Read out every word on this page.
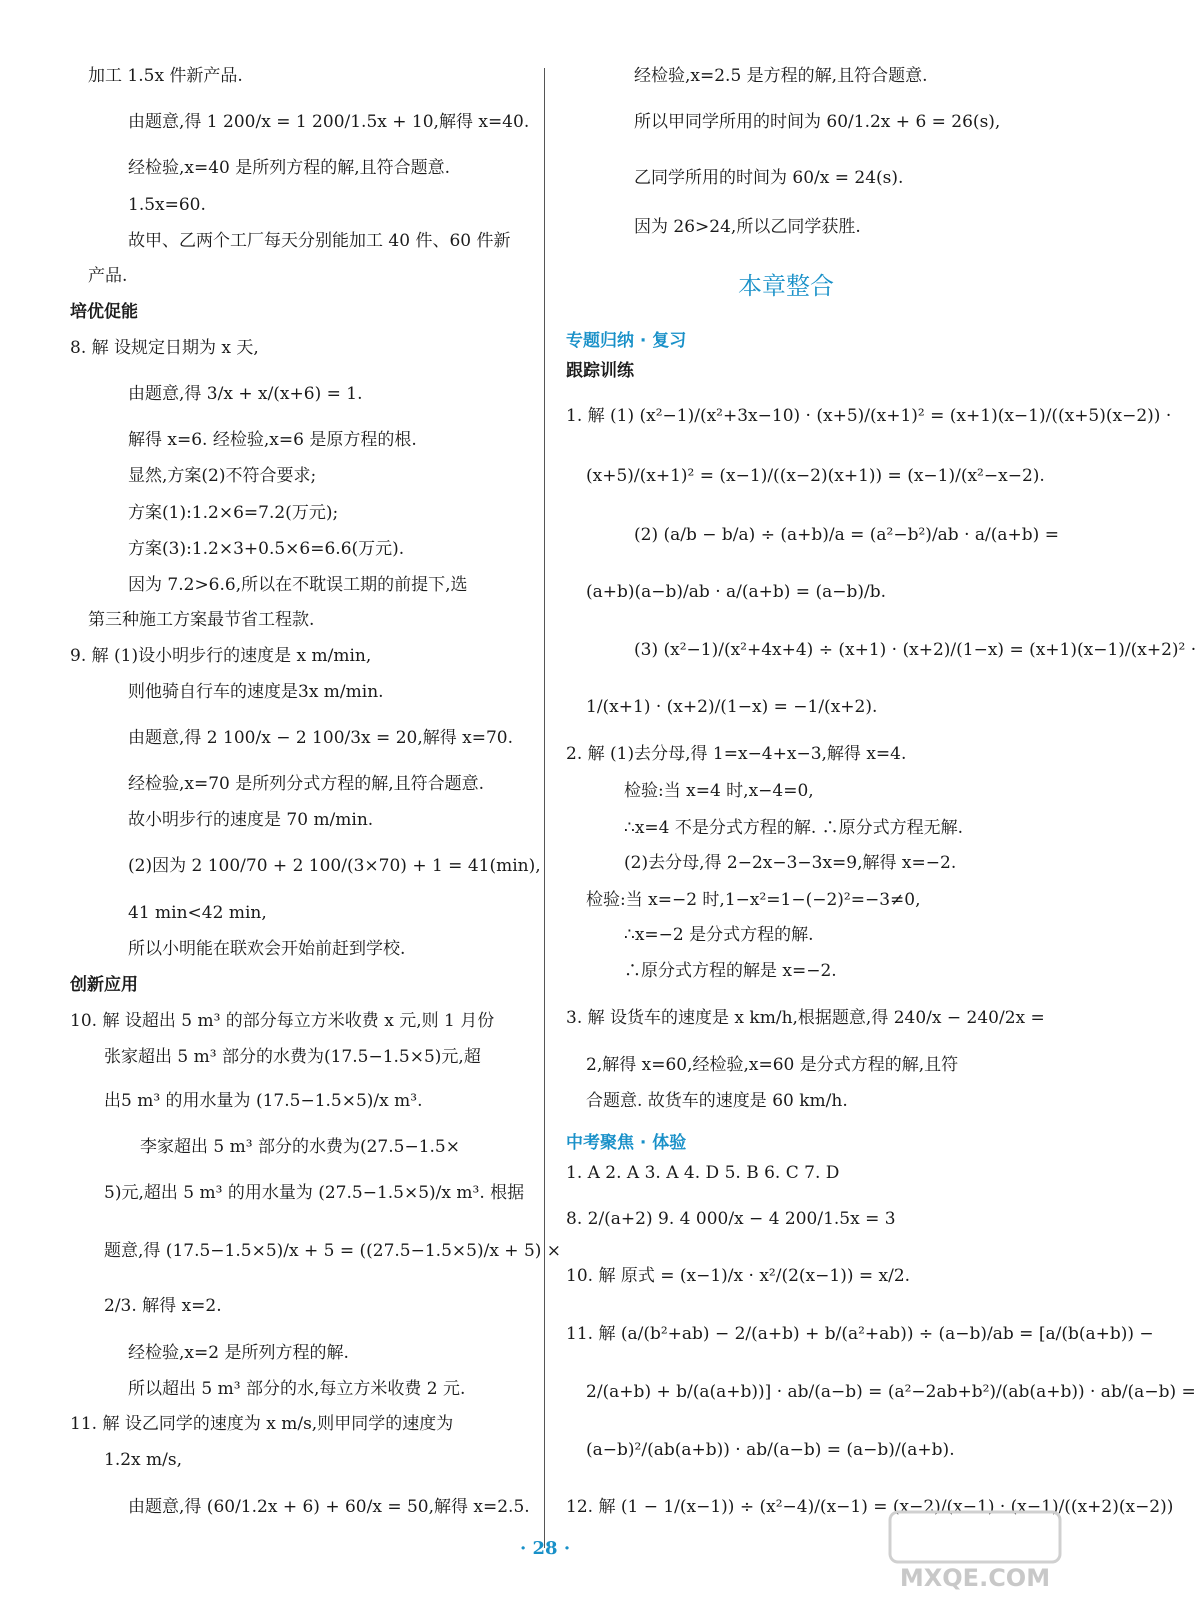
加工 1.5x 件新产品.
由题意,得 1 200/x = 1 200/1.5x + 10,解得 x=40.
经检验,x=40 是所列方程的解,且符合题意.
1.5x=60.
故甲、乙两个工厂每天分别能加工 40 件、60 件新
产品.
培优促能
8. 解 设规定日期为 x 天,
由题意,得 3/x + x/(x+6) = 1.
解得 x=6. 经检验,x=6 是原方程的根.
显然,方案(2)不符合要求;
方案(1):1.2×6=7.2(万元);
方案(3):1.2×3+0.5×6=6.6(万元).
因为 7.2>6.6,所以在不耽误工期的前提下,选
第三种施工方案最节省工程款.
9. 解 (1)设小明步行的速度是 x m/min,
则他骑自行车的速度是3x m/min.
由题意,得 2 100/x − 2 100/3x = 20,解得 x=70.
经检验,x=70 是所列分式方程的解,且符合题意.
故小明步行的速度是 70 m/min.
(2)因为 2 100/70 + 2 100/(3×70) + 1 = 41(min),
41 min<42 min,
所以小明能在联欢会开始前赶到学校.
创新应用
10. 解 设超出 5 m³ 的部分每立方米收费 x 元,则 1 月份
张家超出 5 m³ 部分的水费为(17.5−1.5×5)元,超
出5 m³ 的用水量为 (17.5−1.5×5)/x m³.
李家超出 5 m³ 部分的水费为(27.5−1.5×
5)元,超出 5 m³ 的用水量为 (27.5−1.5×5)/x m³. 根据
题意,得 (17.5−1.5×5)/x + 5 = ((27.5−1.5×5)/x + 5) ×
2/3. 解得 x=2.
经检验,x=2 是所列方程的解.
所以超出 5 m³ 部分的水,每立方米收费 2 元.
11. 解 设乙同学的速度为 x m/s,则甲同学的速度为
1.2x m/s,
由题意,得 (60/1.2x + 6) + 60/x = 50,解得 x=2.5.
经检验,x=2.5 是方程的解,且符合题意.
所以甲同学所用的时间为 60/1.2x + 6 = 26(s),
乙同学所用的时间为 60/x = 24(s).
因为 26>24,所以乙同学获胜.
本章整合
专题归纳 · 复习
跟踪训练
1. 解 (1) (x²−1)/(x²+3x−10) · (x+5)/(x+1)² = (x+1)(x−1)/((x+5)(x−2)) ·
(x+5)/(x+1)² = (x−1)/((x−2)(x+1)) = (x−1)/(x²−x−2).
(2) (a/b − b/a) ÷ (a+b)/a = (a²−b²)/ab · a/(a+b) =
(a+b)(a−b)/ab · a/(a+b) = (a−b)/b.
(3) (x²−1)/(x²+4x+4) ÷ (x+1) · (x+2)/(1−x) = (x+1)(x−1)/(x+2)² ·
1/(x+1) · (x+2)/(1−x) = −1/(x+2).
2. 解 (1)去分母,得 1=x−4+x−3,解得 x=4.
检验:当 x=4 时,x−4=0,
∴x=4 不是分式方程的解. ∴原分式方程无解.
(2)去分母,得 2−2x−3−3x=9,解得 x=−2.
检验:当 x=−2 时,1−x²=1−(−2)²=−3≠0,
∴x=−2 是分式方程的解.
∴原分式方程的解是 x=−2.
3. 解 设货车的速度是 x km/h,根据题意,得 240/x − 240/2x =
2,解得 x=60,经检验,x=60 是分式方程的解,且符
合题意. 故货车的速度是 60 km/h.
中考聚焦 · 体验
1. A 2. A 3. A 4. D 5. B 6. C 7. D
8. 2/(a+2) 9. 4 000/x − 4 200/1.5x = 3
10. 解 原式 = (x−1)/x · x²/(2(x−1)) = x/2.
11. 解 (a/(b²+ab) − 2/(a+b) + b/(a²+ab)) ÷ (a−b)/ab = [a/(b(a+b)) −
2/(a+b) + b/(a(a+b))] · ab/(a−b) = (a²−2ab+b²)/(ab(a+b)) · ab/(a−b) =
(a−b)²/(ab(a+b)) · ab/(a−b) = (a−b)/(a+b).
12. 解 (1 − 1/(x−1)) ÷ (x²−4)/(x−1) = (x−2)/(x−1) · (x−1)/((x+2)(x−2))
· 28 ·
MXQE.COM
